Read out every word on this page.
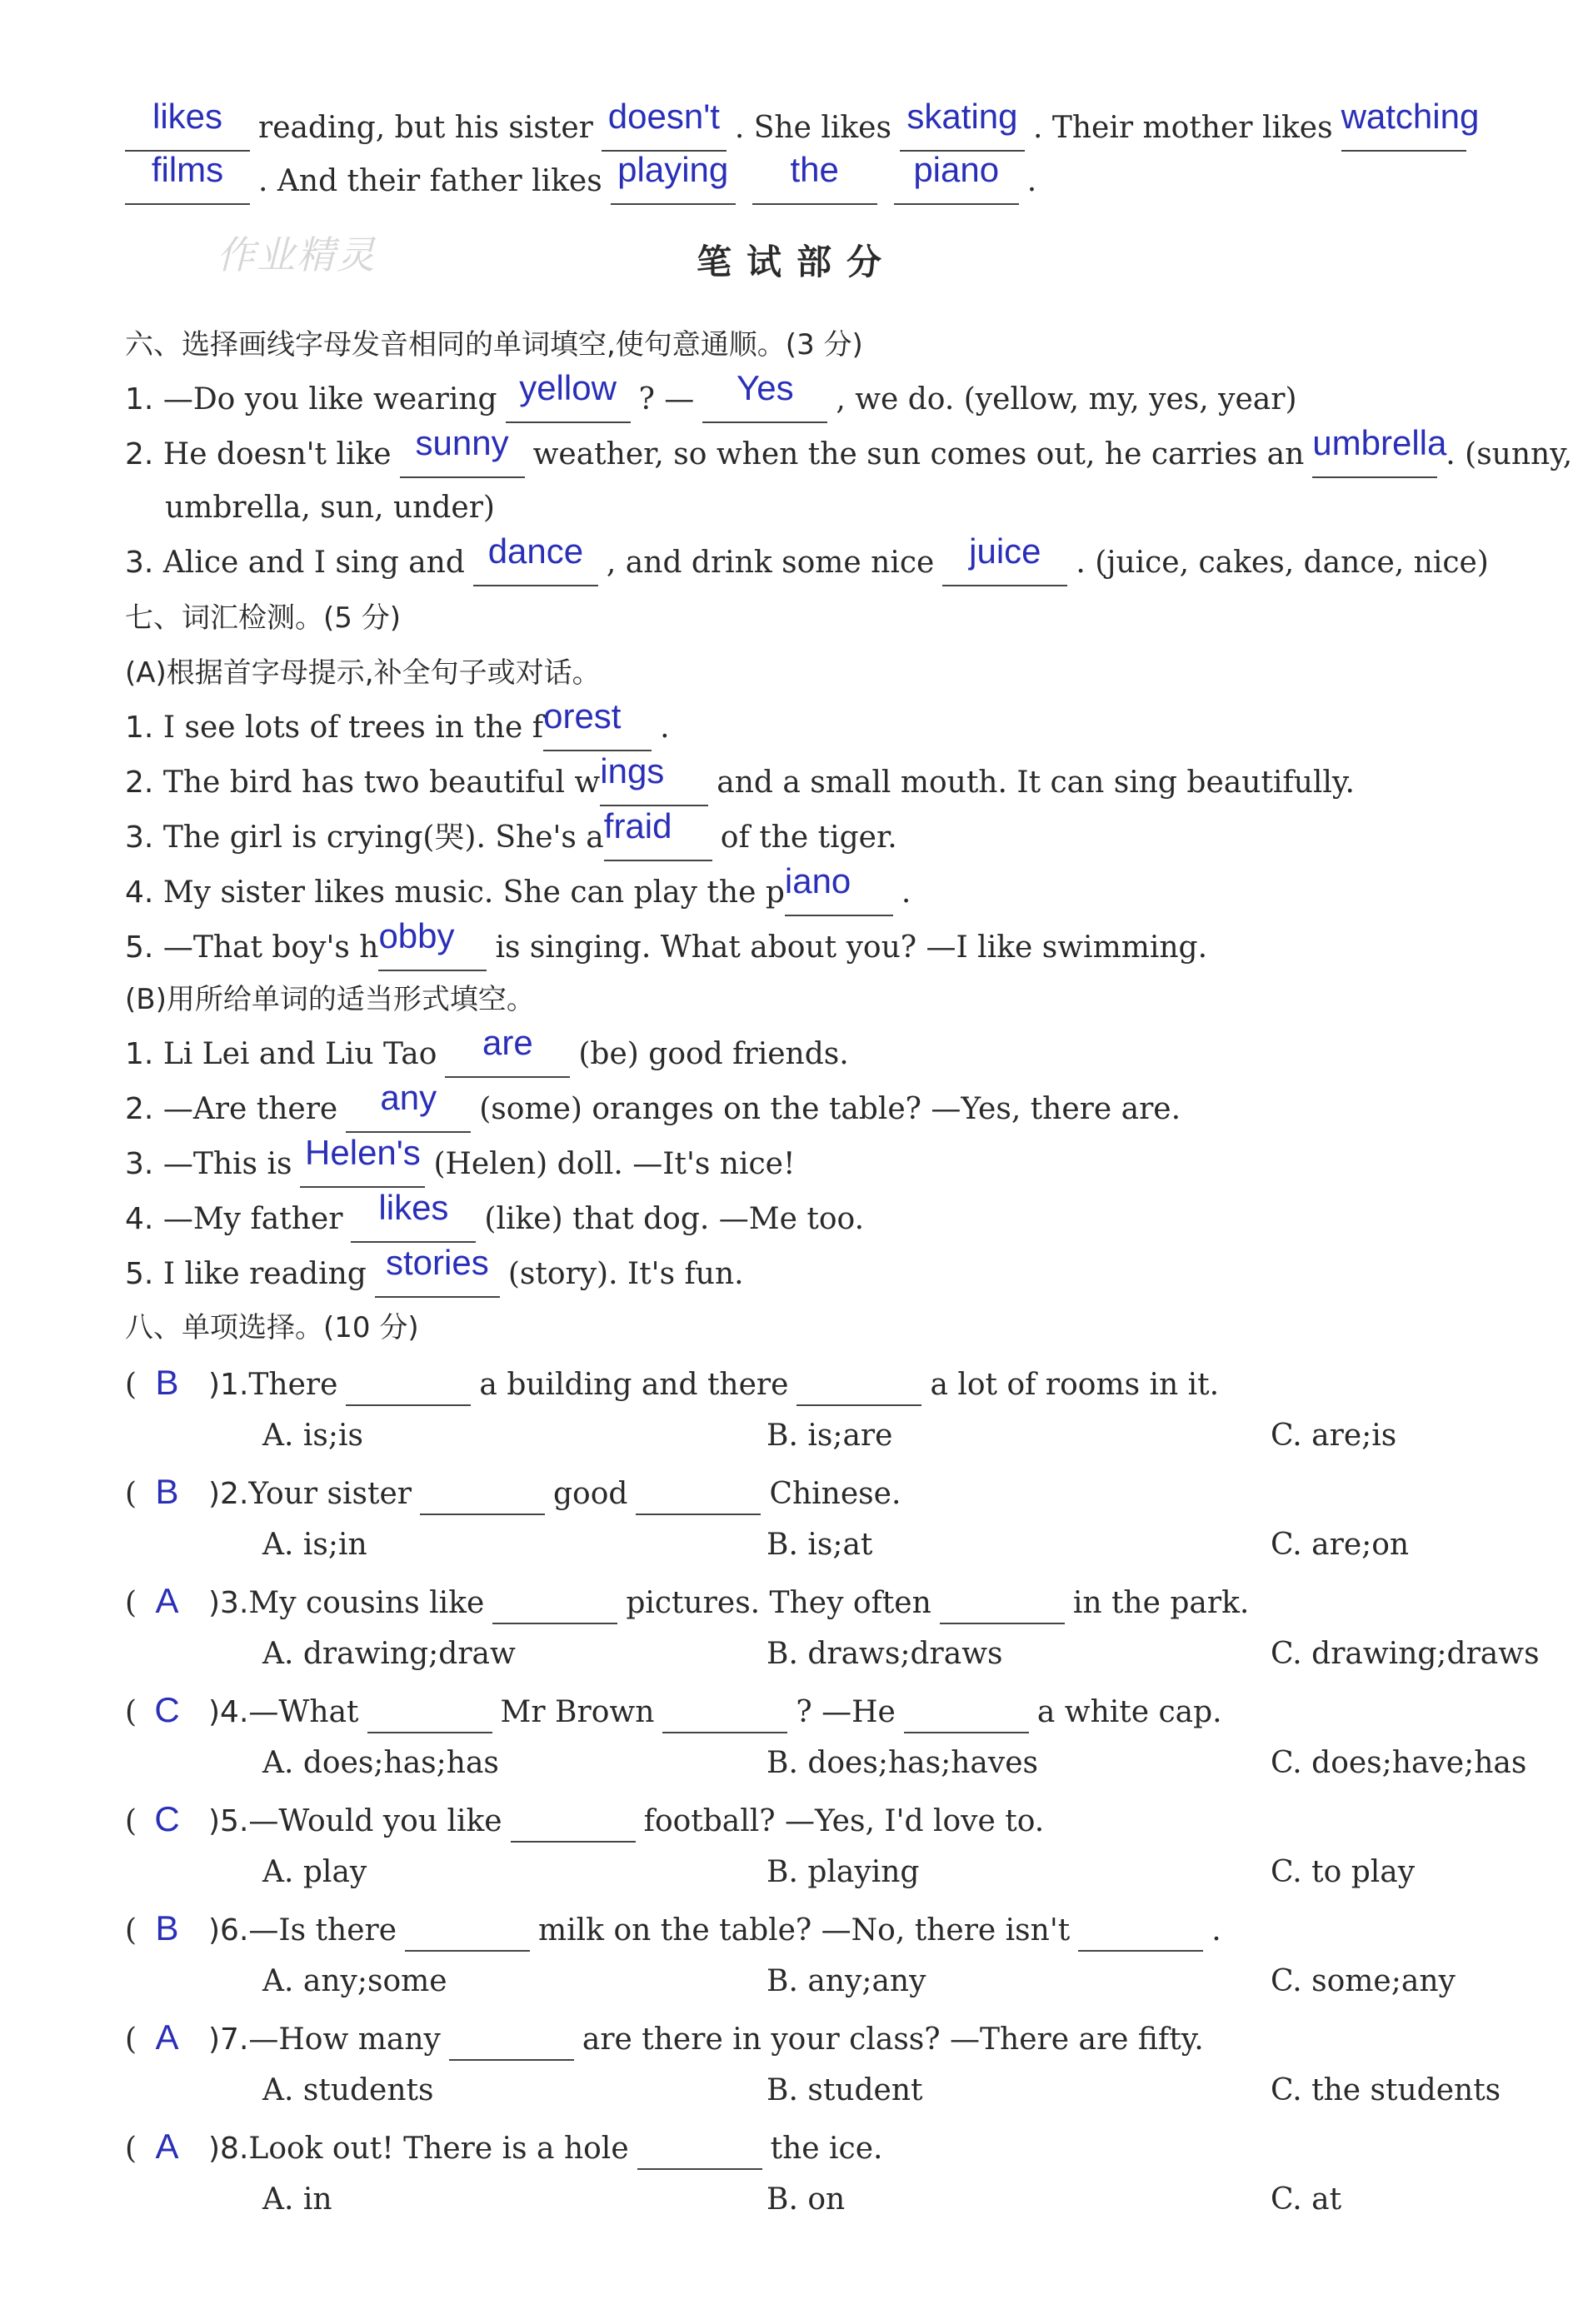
likes	reading, but his sister doesn't . She likes skating . Their mother likes watching
films	. And their father likes playing	the	piano .
作业精灵	笔试部分
六、选择画线字母发音相同的单词填空,使句意通顺。(3 分)
1. —Do you like wearing yellow ? —	Yes	, we do. (yellow, my, yes, year)
2. He doesn't like sunny weather, so when the sun comes out, he carries an umbrella
. (sunny,
umbrella, sun, under)
3. Alice and I sing and dance , and drink some nice juice	. (juice, cakes, dance, nice)
七、词汇检测。(5 分)
(A)根据首字母提示,补全句子或对话。
1. I see lots of trees in the f orest	.
2. The bird has two beautiful w ings	and a small mouth. It can sing beautifully.
3. The girl is crying(哭). She's a fraid	of the tiger.
4. My sister likes music. She can play the p iano	.
5. —That boy's h obby	is singing. What about you? —I like swimming.
(B)用所给单词的适当形式填空。
1. Li Lei and Liu Tao	are	(be) good friends.
2. —Are there	any	(some) oranges on the table? —Yes, there are.
3. —This is Helen's (Helen) doll. —It's nice!
4. —My father	likes	(like) that dog. —Me too.
5. I like reading stories (story). It's fun.
八、单项选择。(10 分)
( B )1.There	a building and there	a lot of rooms in it.
A. is;is	B. is;are	C. are;is
( B )2.Your sister	good	Chinese.
A. is;in	B. is;at	C. are;on
( A )3.My cousins like	pictures. They often	in the park.
A. drawing;draw	B. draws;draws	C. drawing;draws
( C )4.—What	Mr Brown	? —He	a white cap.
A. does;has;has	B. does;has;haves	C. does;have;has
( C )5.—Would you like	football? —Yes, I'd love to.
A. play	B. playing	C. to play
( B )6.—Is there	milk on the table? —No, there isn't	.
A. any;some	B. any;any	C. some;any
( A )7.—How many	are there in your class? —There are fifty.
A. students	B. student	C. the students
( A )8.Look out! There is a hole	the ice.
A. in	B. on	C. at
